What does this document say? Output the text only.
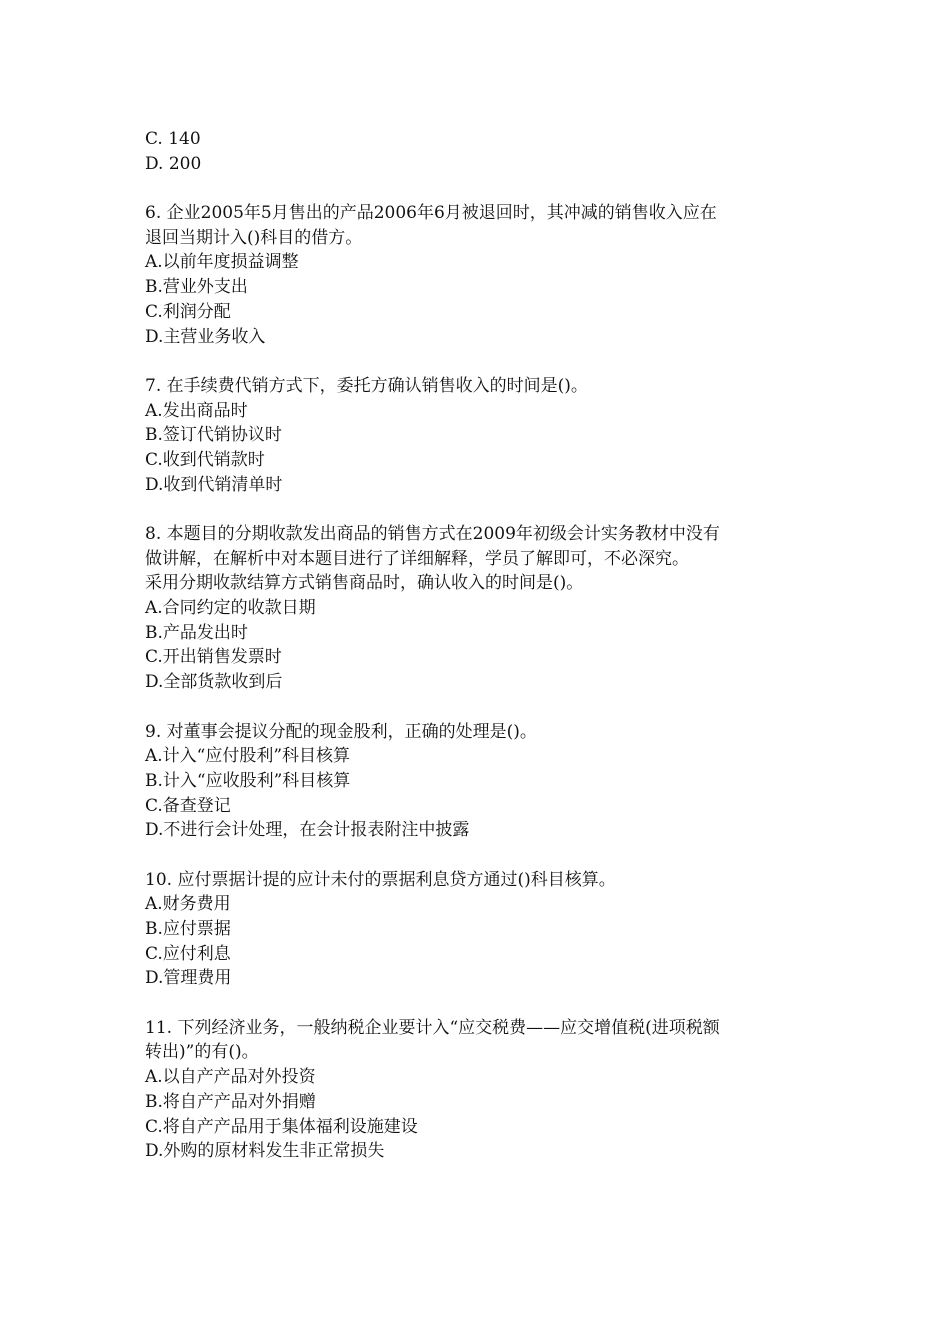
C. 140
D. 200
6. 企业2005年5月售出的产品2006年6月被退回时，其冲减的销售收入应在
退回当期计入()科目的借方。
A.以前年度损益调整
B.营业外支出
C.利润分配
D.主营业务收入
7. 在手续费代销方式下，委托方确认销售收入的时间是()。
A.发出商品时
B.签订代销协议时
C.收到代销款时
D.收到代销清单时
8. 本题目的分期收款发出商品的销售方式在2009年初级会计实务教材中没有
做讲解，在解析中对本题目进行了详细解释，学员了解即可，不必深究。
采用分期收款结算方式销售商品时，确认收入的时间是()。
A.合同约定的收款日期
B.产品发出时
C.开出销售发票时
D.全部货款收到后
9. 对董事会提议分配的现金股利，正确的处理是()。
A.计入“应付股利”科目核算
B.计入“应收股利”科目核算
C.备查登记
D.不进行会计处理，在会计报表附注中披露
10. 应付票据计提的应计未付的票据利息贷方通过()科目核算。
A.财务费用
B.应付票据
C.应付利息
D.管理费用
11. 下列经济业务，一般纳税企业要计入“应交税费——应交增值税(进项税额
转出)”的有()。
A.以自产产品对外投资
B.将自产产品对外捐赠
C.将自产产品用于集体福利设施建设
D.外购的原材料发生非正常损失
